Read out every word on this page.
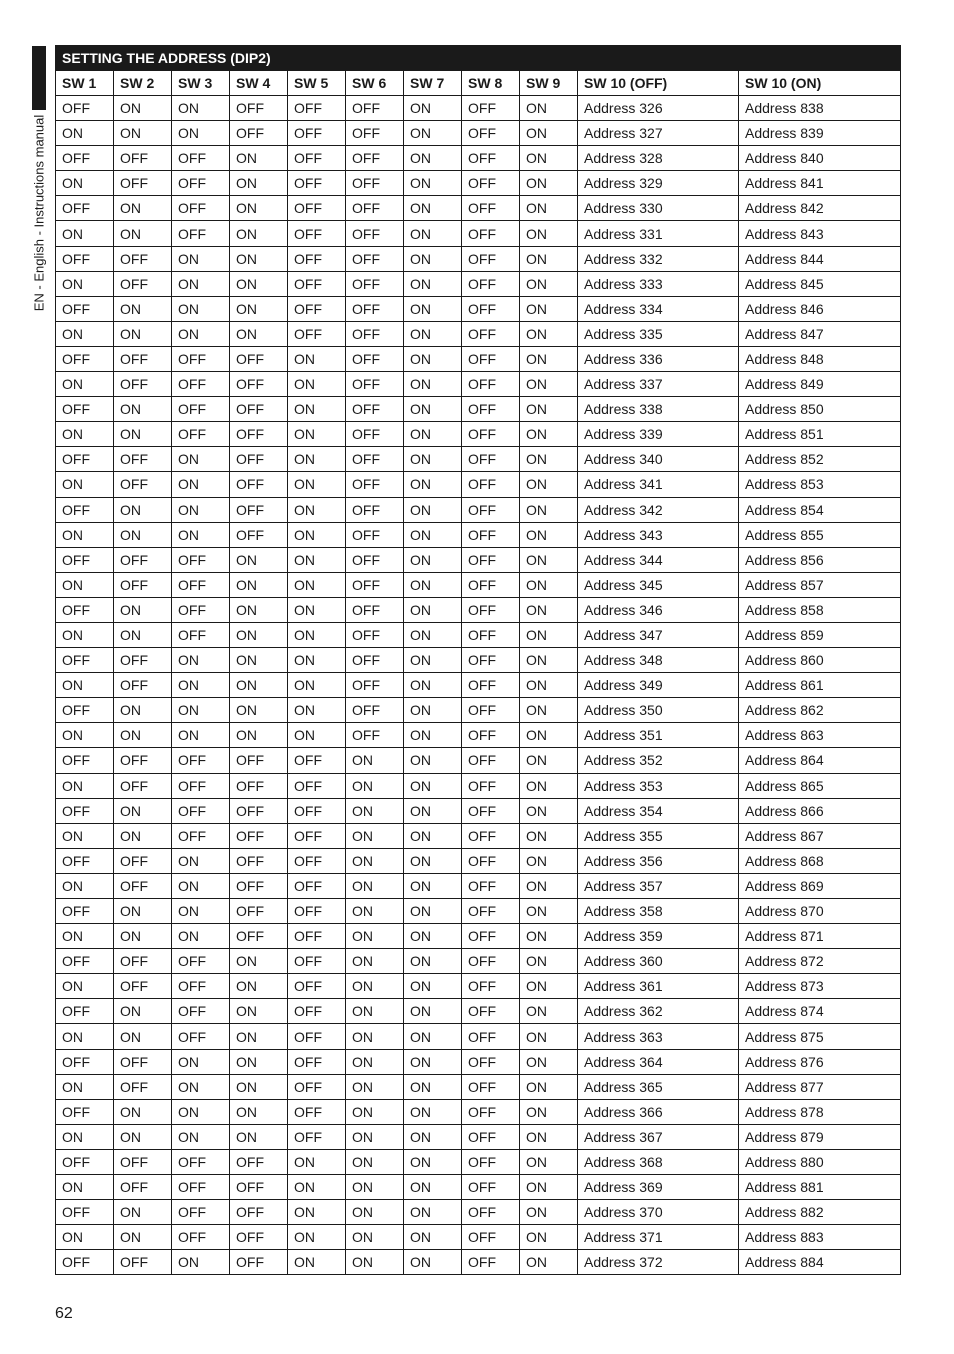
EN - English - Instructions manual
SETTING THE ADDRESS (DIP2)										
SW 1	SW 2	SW 3	SW 4	SW 5	SW 6	SW 7	SW 8	SW 9	SW 10 (OFF)	SW 10 (ON)
OFF	ON	ON	OFF	OFF	OFF	ON	OFF	ON	Address 326	Address 838
ON	ON	ON	OFF	OFF	OFF	ON	OFF	ON	Address 327	Address 839
OFF	OFF	OFF	ON	OFF	OFF	ON	OFF	ON	Address 328	Address 840
ON	OFF	OFF	ON	OFF	OFF	ON	OFF	ON	Address 329	Address 841
OFF	ON	OFF	ON	OFF	OFF	ON	OFF	ON	Address 330	Address 842
ON	ON	OFF	ON	OFF	OFF	ON	OFF	ON	Address 331	Address 843
OFF	OFF	ON	ON	OFF	OFF	ON	OFF	ON	Address 332	Address 844
ON	OFF	ON	ON	OFF	OFF	ON	OFF	ON	Address 333	Address 845
OFF	ON	ON	ON	OFF	OFF	ON	OFF	ON	Address 334	Address 846
ON	ON	ON	ON	OFF	OFF	ON	OFF	ON	Address 335	Address 847
OFF	OFF	OFF	OFF	ON	OFF	ON	OFF	ON	Address 336	Address 848
ON	OFF	OFF	OFF	ON	OFF	ON	OFF	ON	Address 337	Address 849
OFF	ON	OFF	OFF	ON	OFF	ON	OFF	ON	Address 338	Address 850
ON	ON	OFF	OFF	ON	OFF	ON	OFF	ON	Address 339	Address 851
OFF	OFF	ON	OFF	ON	OFF	ON	OFF	ON	Address 340	Address 852
ON	OFF	ON	OFF	ON	OFF	ON	OFF	ON	Address 341	Address 853
OFF	ON	ON	OFF	ON	OFF	ON	OFF	ON	Address 342	Address 854
ON	ON	ON	OFF	ON	OFF	ON	OFF	ON	Address 343	Address 855
OFF	OFF	OFF	ON	ON	OFF	ON	OFF	ON	Address 344	Address 856
ON	OFF	OFF	ON	ON	OFF	ON	OFF	ON	Address 345	Address 857
OFF	ON	OFF	ON	ON	OFF	ON	OFF	ON	Address 346	Address 858
ON	ON	OFF	ON	ON	OFF	ON	OFF	ON	Address 347	Address 859
OFF	OFF	ON	ON	ON	OFF	ON	OFF	ON	Address 348	Address 860
ON	OFF	ON	ON	ON	OFF	ON	OFF	ON	Address 349	Address 861
OFF	ON	ON	ON	ON	OFF	ON	OFF	ON	Address 350	Address 862
ON	ON	ON	ON	ON	OFF	ON	OFF	ON	Address 351	Address 863
OFF	OFF	OFF	OFF	OFF	ON	ON	OFF	ON	Address 352	Address 864
ON	OFF	OFF	OFF	OFF	ON	ON	OFF	ON	Address 353	Address 865
OFF	ON	OFF	OFF	OFF	ON	ON	OFF	ON	Address 354	Address 866
ON	ON	OFF	OFF	OFF	ON	ON	OFF	ON	Address 355	Address 867
OFF	OFF	ON	OFF	OFF	ON	ON	OFF	ON	Address 356	Address 868
ON	OFF	ON	OFF	OFF	ON	ON	OFF	ON	Address 357	Address 869
OFF	ON	ON	OFF	OFF	ON	ON	OFF	ON	Address 358	Address 870
ON	ON	ON	OFF	OFF	ON	ON	OFF	ON	Address 359	Address 871
OFF	OFF	OFF	ON	OFF	ON	ON	OFF	ON	Address 360	Address 872
ON	OFF	OFF	ON	OFF	ON	ON	OFF	ON	Address 361	Address 873
OFF	ON	OFF	ON	OFF	ON	ON	OFF	ON	Address 362	Address 874
ON	ON	OFF	ON	OFF	ON	ON	OFF	ON	Address 363	Address 875
OFF	OFF	ON	ON	OFF	ON	ON	OFF	ON	Address 364	Address 876
ON	OFF	ON	ON	OFF	ON	ON	OFF	ON	Address 365	Address 877
OFF	ON	ON	ON	OFF	ON	ON	OFF	ON	Address 366	Address 878
ON	ON	ON	ON	OFF	ON	ON	OFF	ON	Address 367	Address 879
OFF	OFF	OFF	OFF	ON	ON	ON	OFF	ON	Address 368	Address 880
ON	OFF	OFF	OFF	ON	ON	ON	OFF	ON	Address 369	Address 881
OFF	ON	OFF	OFF	ON	ON	ON	OFF	ON	Address 370	Address 882
ON	ON	OFF	OFF	ON	ON	ON	OFF	ON	Address 371	Address 883
OFF	OFF	ON	OFF	ON	ON	ON	OFF	ON	Address 372	Address 884
62
